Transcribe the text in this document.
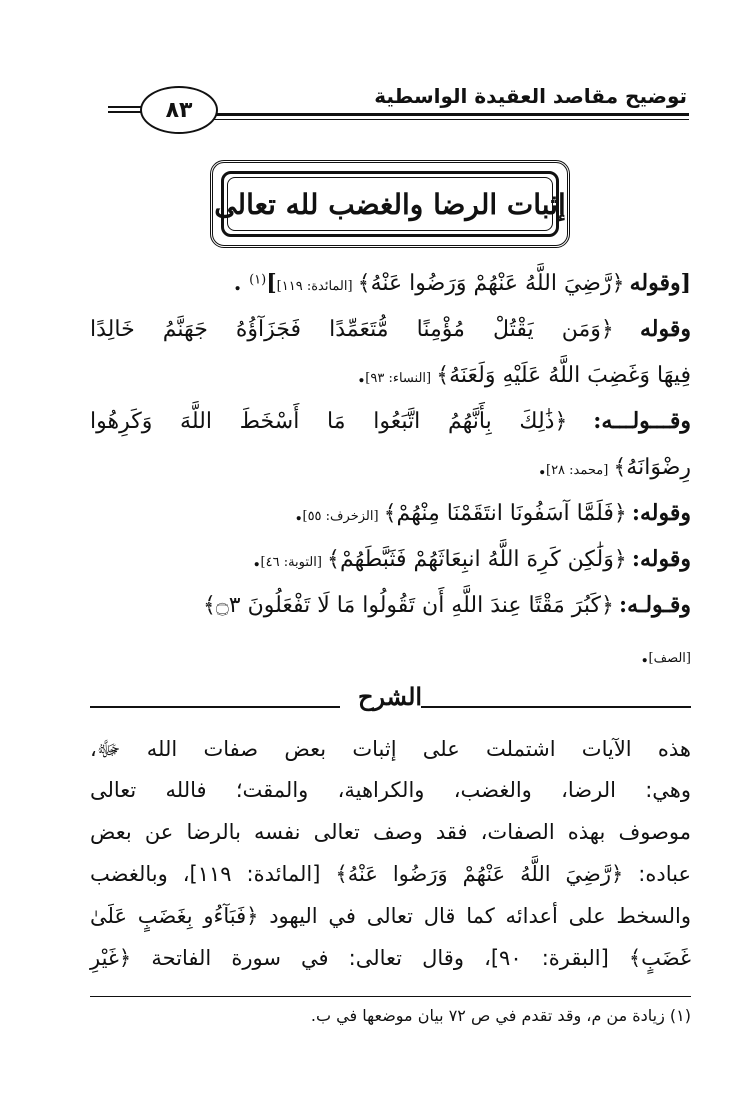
توضيح مقاصد العقيدة الواسطية
٨٣
إثبات الرضا والغضب لله تعالى
[وقوله ﴿رَّضِيَ اللَّهُ عَنْهُمْ وَرَضُوا عَنْهُ﴾ [المائدة: ١١٩]]$^{(١)}$ .
وقوله ﴿وَمَن يَقْتُلْ مُؤْمِنًا مُّتَعَمِّدًا فَجَزَآؤُهُ جَهَنَّمُ خَالِدًا
فِيهَا وَغَضِبَ اللَّهُ عَلَيْهِ وَلَعَنَهُ﴾ [النساء: ٩٣].
وقـــولـــه: ﴿ذَٰلِكَ بِأَنَّهُمُ اتَّبَعُوا مَا أَسْخَطَ اللَّهَ وَكَرِهُوا
رِضْوَانَهُ﴾ [محمد: ٢٨].
وقوله: ﴿فَلَمَّا آسَفُونَا انتَقَمْنَا مِنْهُمْ﴾ [الزخرف: ٥٥].
وقوله: ﴿وَلَٰكِن كَرِهَ اللَّهُ انبِعَاثَهُمْ فَثَبَّطَهُمْ﴾ [التوبة: ٤٦].
وقـولـه: ﴿كَبُرَ مَقْتًا عِندَ اللَّهِ أَن تَقُولُوا مَا لَا تَفْعَلُونَ ۝٣﴾
[الصف].
الشرح
هذه الآيات اشتملت على إثبات بعض صفات الله ﷻ،
وهي: الرضا، والغضب، والكراهية، والمقت؛ فالله تعالى
موصوف بهذه الصفات، فقد وصف تعالى نفسه بالرضا عن بعض
عباده: ﴿رَّضِيَ اللَّهُ عَنْهُمْ وَرَضُوا عَنْهُ﴾ [المائدة: ١١٩]، وبالغضب
والسخط على أعدائه كما قال تعالى في اليهود ﴿فَبَآءُو بِغَضَبٍ عَلَىٰ
غَضَبٍ﴾ [البقرة: ٩٠]، وقال تعالى: في سورة الفاتحة ﴿غَيْرِ
(١) زيادة من م، وقد تقدم في ص ٧٢ بيان موضعها في ب.
